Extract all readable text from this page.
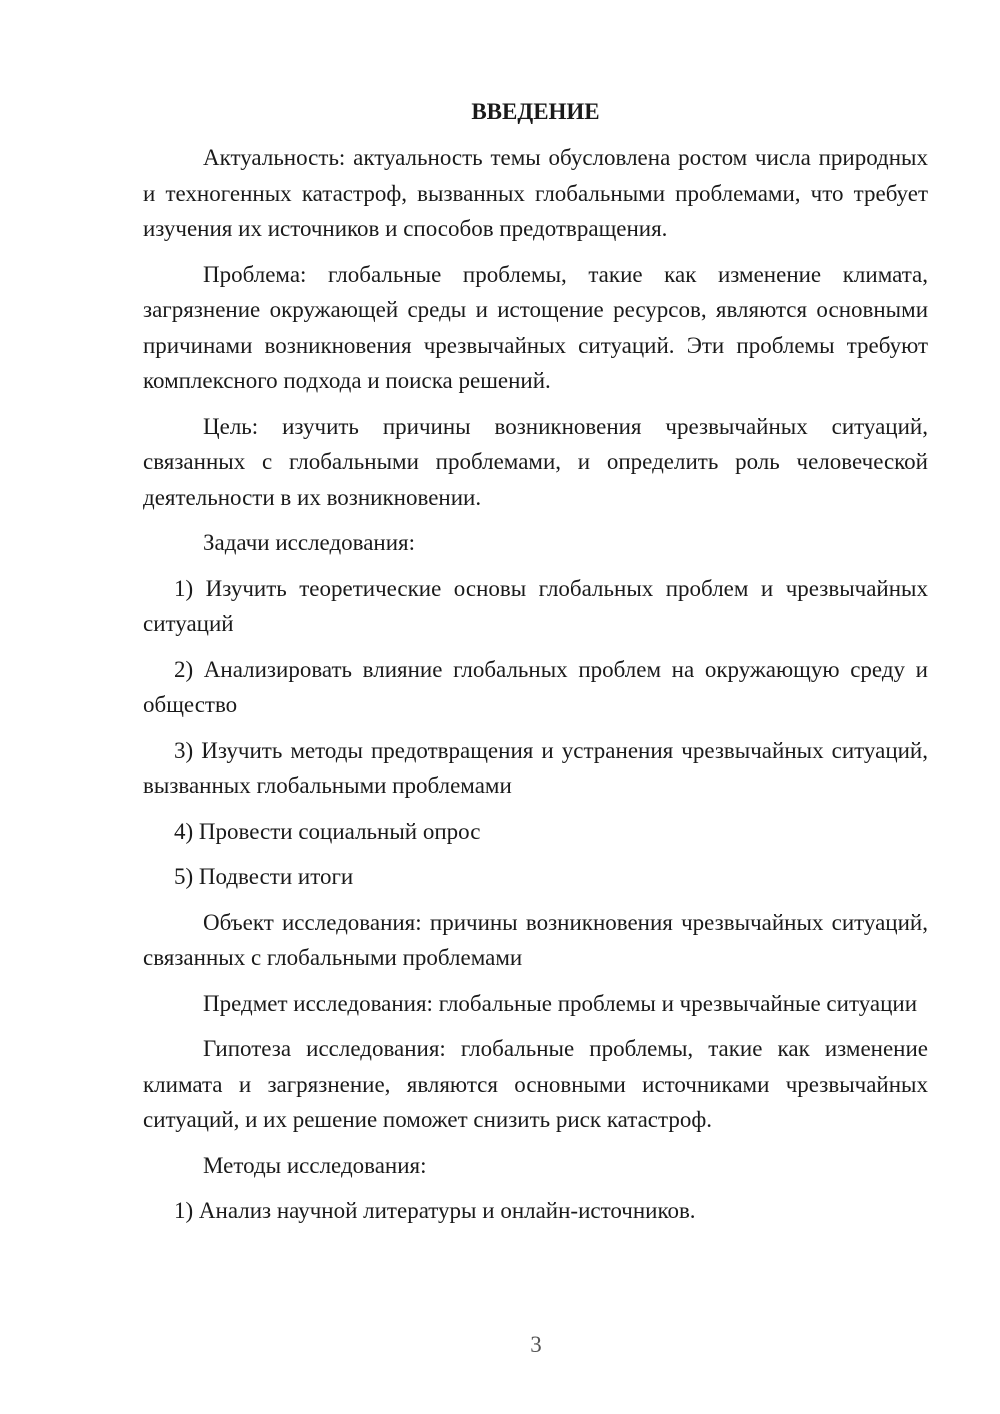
ВВЕДЕНИЕ

Актуальность: актуальность темы обусловлена ростом числа природных и техногенных катастроф, вызванных глобальными проблемами, что требует изучения их источников и способов предотвращения.

Проблема: глобальные проблемы, такие как изменение климата, загрязнение окружающей среды и истощение ресурсов, являются основными причинами возникновения чрезвычайных ситуаций. Эти проблемы требуют комплексного подхода и поиска решений.

Цель: изучить причины возникновения чрезвычайных ситуаций, связанных с глобальными проблемами, и определить роль человеческой деятельности в их возникновении.

Задачи исследования:

1) Изучить теоретические основы глобальных проблем и чрезвычайных ситуаций

2) Анализировать влияние глобальных проблем на окружающую среду и общество

3) Изучить методы предотвращения и устранения чрезвычайных ситуаций, вызванных глобальными проблемами

4) Провести социальный опрос

5) Подвести итоги

Объект исследования: причины возникновения чрезвычайных ситуаций, связанных с глобальными проблемами

Предмет исследования: глобальные проблемы и чрезвычайные ситуации

Гипотеза исследования: глобальные проблемы, такие как изменение климата и загрязнение, являются основными источниками чрезвычайных ситуаций, и их решение поможет снизить риск катастроф.

Методы исследования:

1) Анализ научной литературы и онлайн-источников.

3
